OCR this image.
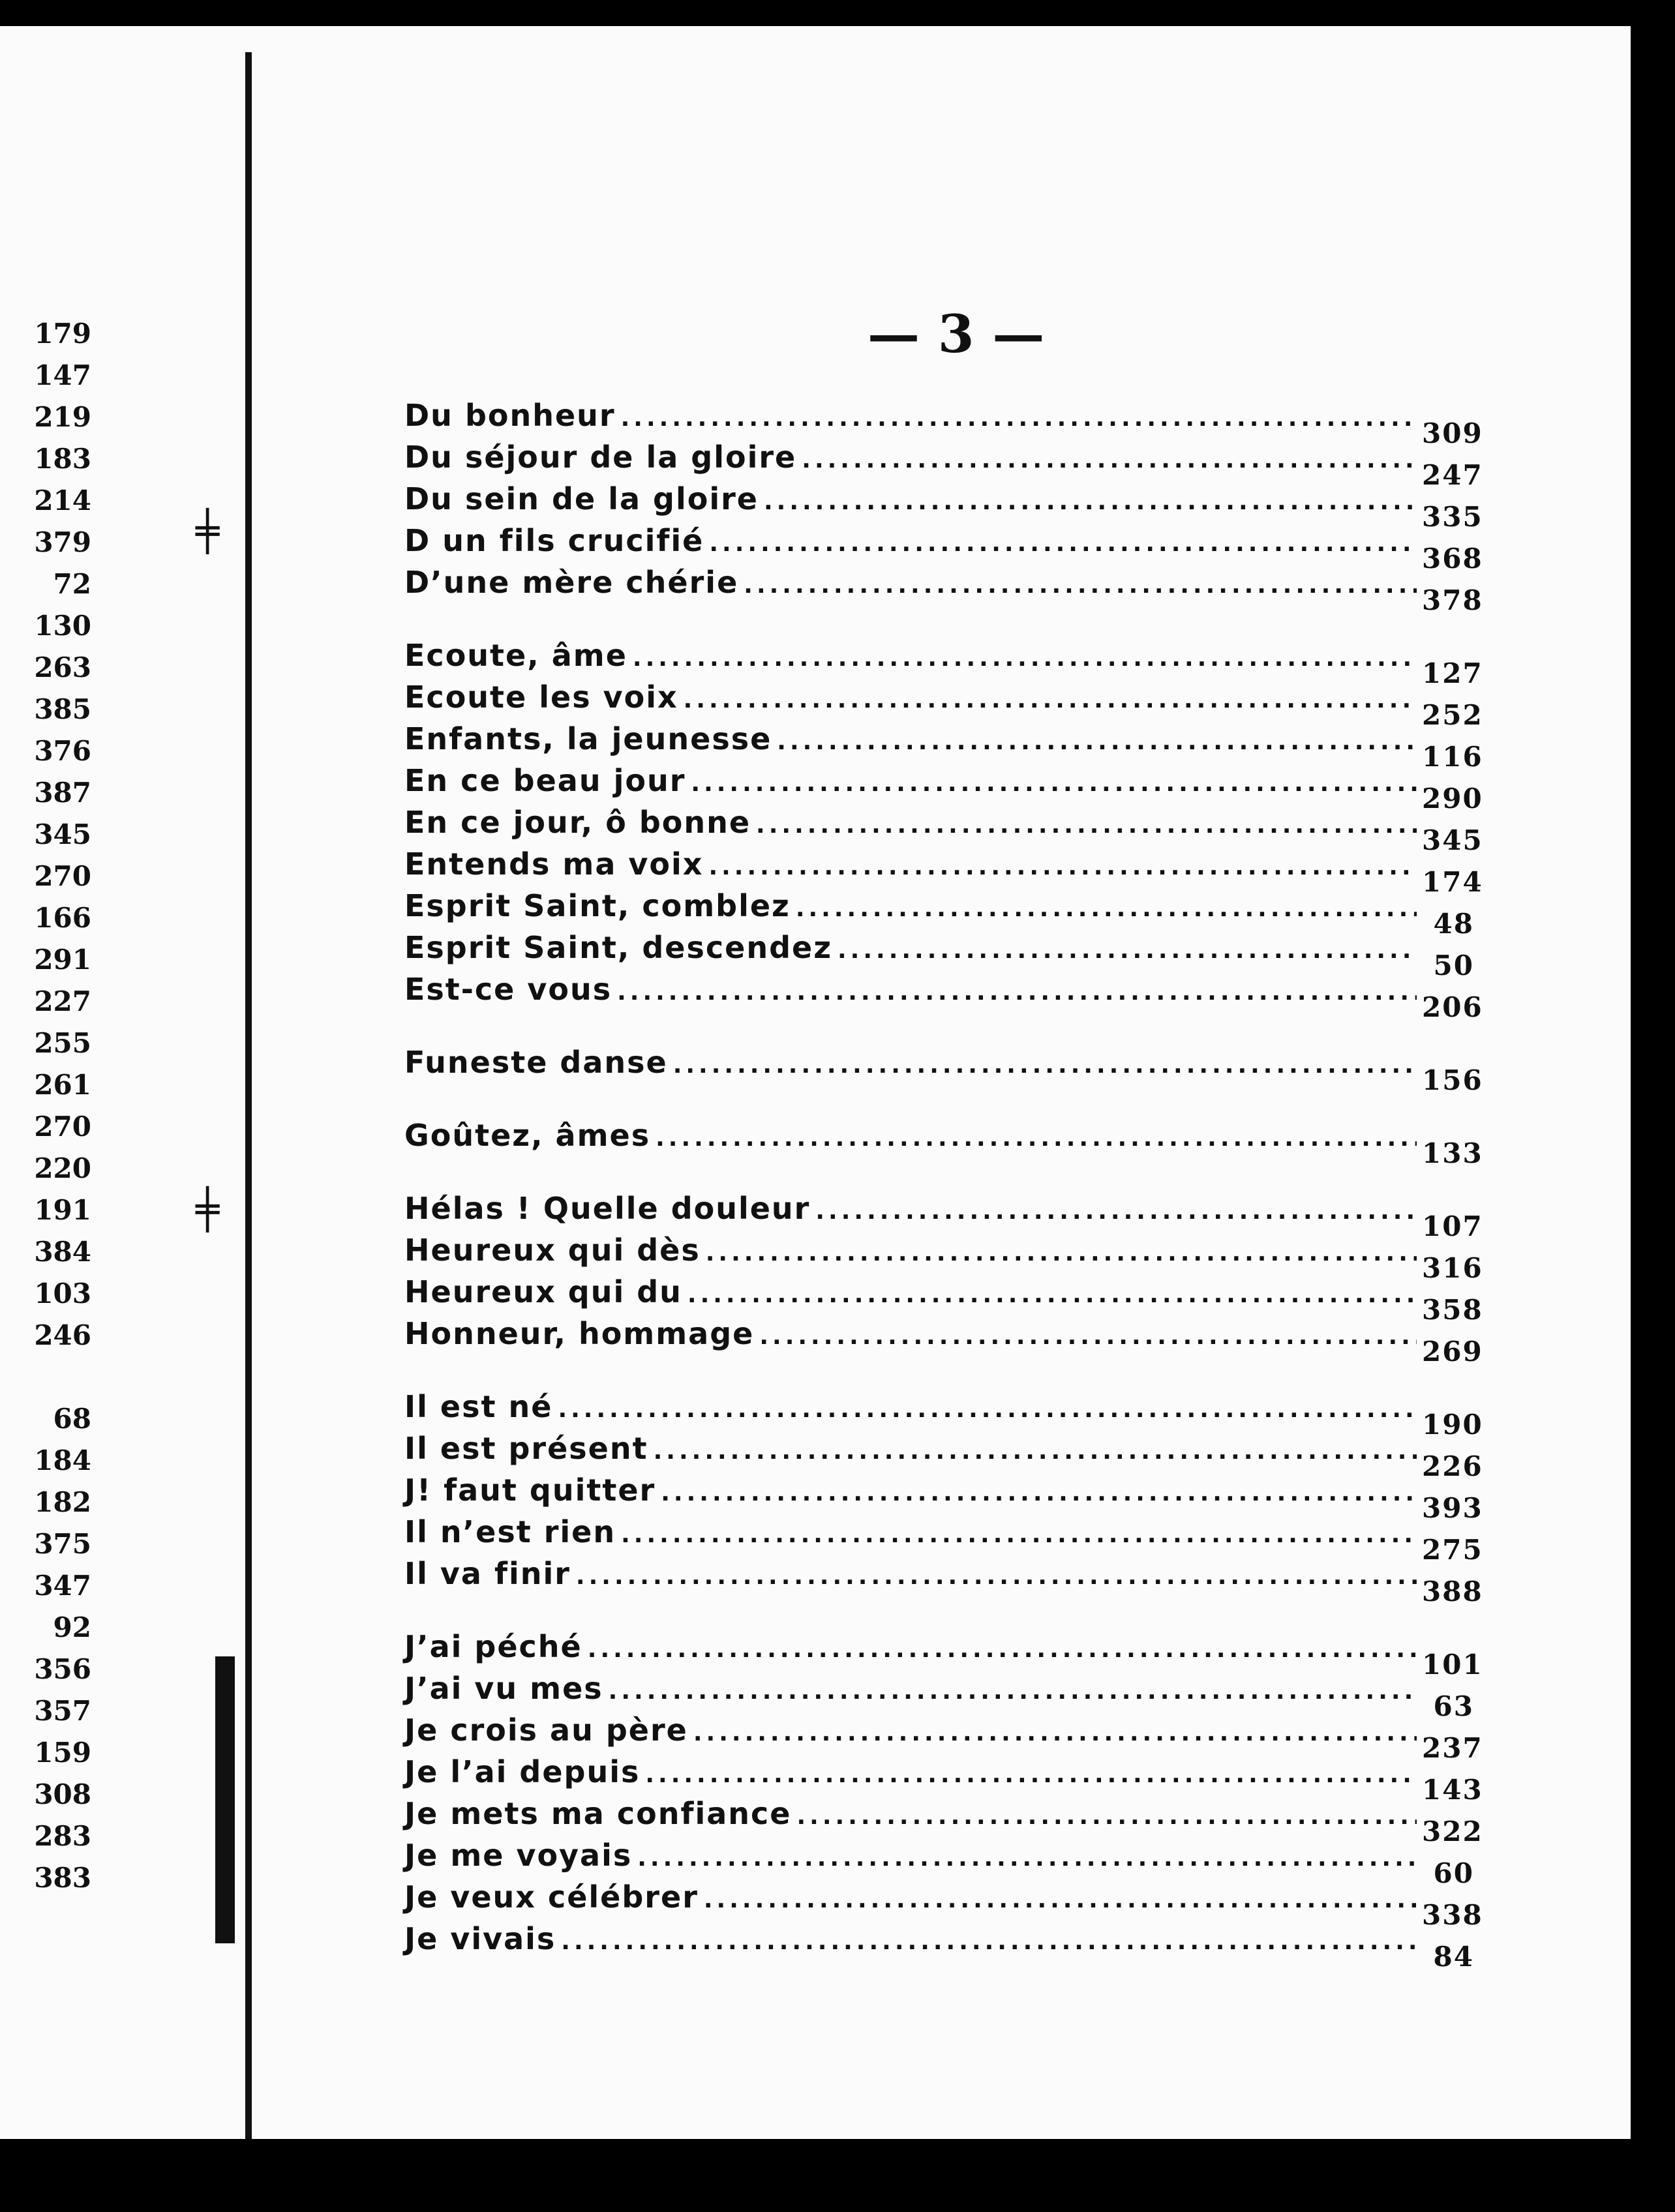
╪
╪
179
147
219
183
214
379
72
130
263
385
376
387
345
270
166
291
227
255
261
270
220
191
384
103
246
68
184
182
375
347
92
356
357
159
308
283
383
— 3 —
Du bonheur
.....
309
Du séjour de la gloire
.....
247
Du sein de la gloire
.....
335
D un fils crucifié
.....
368
D’une mère chérie
.....
378
Ecoute, âme
.....
127
Ecoute les voix
.....
252
Enfants, la jeunesse
.....
116
En ce beau jour
.....
290
En ce jour, ô bonne
.....
345
Entends ma voix
.....
174
Esprit Saint, comblez
.....
48
Esprit Saint, descendez
.....
50
Est-ce vous
.....
206
Funeste danse
.....
156
Goûtez, âmes
.....
133
Hélas ! Quelle douleur
.....
107
Heureux qui dès
.....
316
Heureux qui du
.....
358
Honneur, hommage
.....
269
Il est né
.....
190
Il est présent
.....
226
J! faut quitter
.....
393
Il n’est rien
.....
275
Il va finir
.....
388
J’ai péché
.....
101
J’ai vu mes
.....
63
Je crois au père
.....
237
Je l’ai depuis
.....
143
Je mets ma confiance
.....
322
Je me voyais
.....
60
Je veux célébrer
.....
338
Je vivais
.....
84
